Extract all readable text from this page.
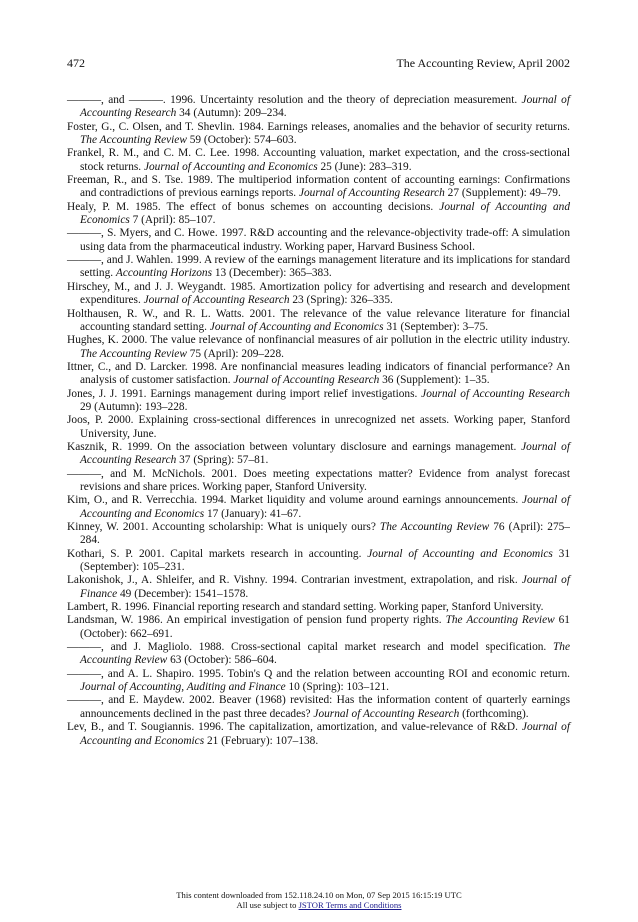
472	The Accounting Review, April 2002

———, and ———. 1996. Uncertainty resolution and the theory of depreciation measurement. Journal of Accounting Research 34 (Autumn): 209–234.

Foster, G., C. Olsen, and T. Shevlin. 1984. Earnings releases, anomalies and the behavior of security returns. The Accounting Review 59 (October): 574–603.

Frankel, R. M., and C. M. C. Lee. 1998. Accounting valuation, market expectation, and the cross-sectional stock returns. Journal of Accounting and Economics 25 (June): 283–319.

Freeman, R., and S. Tse. 1989. The multiperiod information content of accounting earnings: Confirmations and contradictions of previous earnings reports. Journal of Accounting Research 27 (Supplement): 49–79.

Healy, P. M. 1985. The effect of bonus schemes on accounting decisions. Journal of Accounting and Economics 7 (April): 85–107.

———, S. Myers, and C. Howe. 1997. R&D accounting and the relevance-objectivity trade-off: A simulation using data from the pharmaceutical industry. Working paper, Harvard Business School.

———, and J. Wahlen. 1999. A review of the earnings management literature and its implications for standard setting. Accounting Horizons 13 (December): 365–383.

Hirschey, M., and J. J. Weygandt. 1985. Amortization policy for advertising and research and development expenditures. Journal of Accounting Research 23 (Spring): 326–335.

Holthausen, R. W., and R. L. Watts. 2001. The relevance of the value relevance literature for financial accounting standard setting. Journal of Accounting and Economics 31 (September): 3–75.

Hughes, K. 2000. The value relevance of nonfinancial measures of air pollution in the electric utility industry. The Accounting Review 75 (April): 209–228.

Ittner, C., and D. Larcker. 1998. Are nonfinancial measures leading indicators of financial performance? An analysis of customer satisfaction. Journal of Accounting Research 36 (Supplement): 1–35.

Jones, J. J. 1991. Earnings management during import relief investigations. Journal of Accounting Research 29 (Autumn): 193–228.

Joos, P. 2000. Explaining cross-sectional differences in unrecognized net assets. Working paper, Stanford University, June.

Kasznik, R. 1999. On the association between voluntary disclosure and earnings management. Journal of Accounting Research 37 (Spring): 57–81.

———, and M. McNichols. 2001. Does meeting expectations matter? Evidence from analyst forecast revisions and share prices. Working paper, Stanford University.

Kim, O., and R. Verrecchia. 1994. Market liquidity and volume around earnings announcements. Journal of Accounting and Economics 17 (January): 41–67.

Kinney, W. 2001. Accounting scholarship: What is uniquely ours? The Accounting Review 76 (April): 275–284.

Kothari, S. P. 2001. Capital markets research in accounting. Journal of Accounting and Economics 31 (September): 105–231.

Lakonishok, J., A. Shleifer, and R. Vishny. 1994. Contrarian investment, extrapolation, and risk. Journal of Finance 49 (December): 1541–1578.

Lambert, R. 1996. Financial reporting research and standard setting. Working paper, Stanford University.

Landsman, W. 1986. An empirical investigation of pension fund property rights. The Accounting Review 61 (October): 662–691.

———, and J. Magliolo. 1988. Cross-sectional capital market research and model specification. The Accounting Review 63 (October): 586–604.

———, and A. L. Shapiro. 1995. Tobin's Q and the relation between accounting ROI and economic return. Journal of Accounting, Auditing and Finance 10 (Spring): 103–121.

———, and E. Maydew. 2002. Beaver (1968) revisited: Has the information content of quarterly earnings announcements declined in the past three decades? Journal of Accounting Research (forthcoming).

Lev, B., and T. Sougiannis. 1996. The capitalization, amortization, and value-relevance of R&D. Journal of Accounting and Economics 21 (February): 107–138.

This content downloaded from 152.118.24.10 on Mon, 07 Sep 2015 16:15:19 UTC
All use subject to JSTOR Terms and Conditions
